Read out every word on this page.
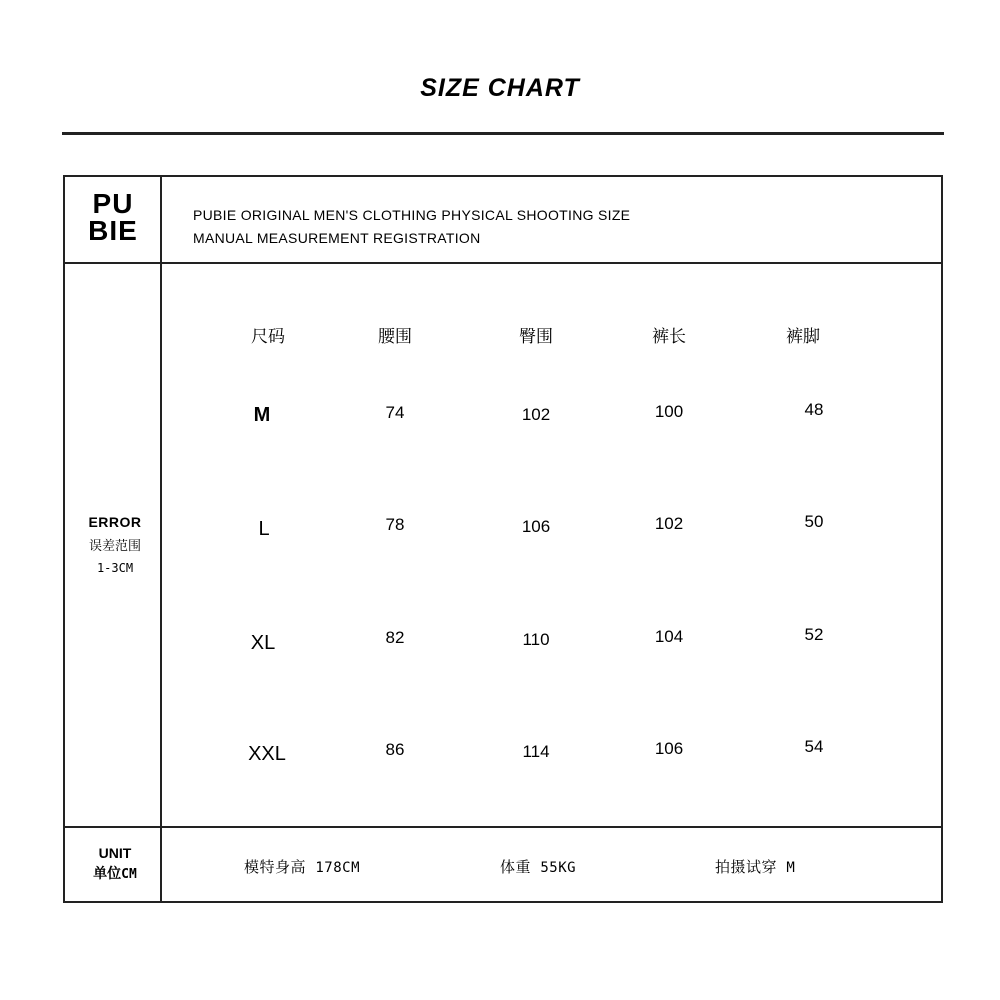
SIZE CHART
PU
BIE	PUBIE ORIGINAL MEN'S CLOTHING PHYSICAL SHOOTING SIZE
MANUAL MEASUREMENT REGISTRATION
ERROR
误差范围
1-3CM
UNIT
单位CM
尺码	腰围	臀围	裤长	裤脚
M	74	102	100	48
L	78	106	102	50
XL	82	110	104	52
XXL	86	114	106	54
模特身高 178CM	体重 55KG	拍摄试穿 M
